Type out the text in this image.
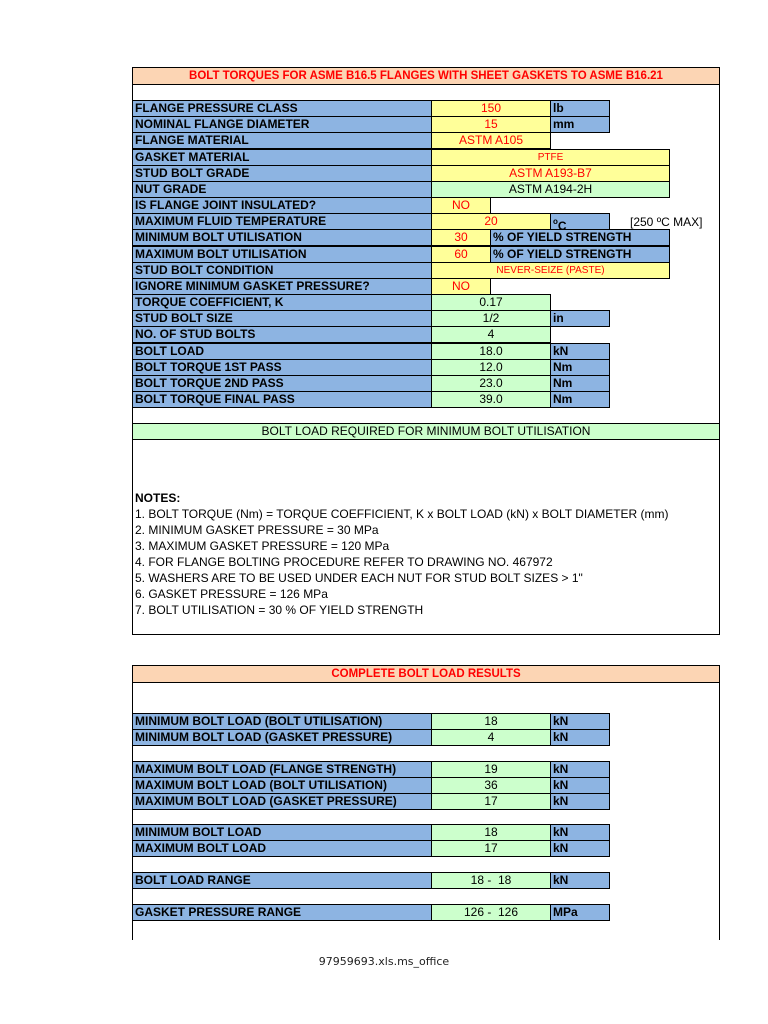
BOLT TORQUES FOR ASME B16.5 FLANGES WITH SHEET GASKETS TO ASME B16.21
FLANGE PRESSURE CLASS	150	lb
NOMINAL FLANGE DIAMETER	15	mm
FLANGE MATERIAL	ASTM A105
GASKET MATERIAL	PTFE
STUD BOLT GRADE	ASTM A193-B7
NUT GRADE	ASTM A194-2H
IS FLANGE JOINT INSULATED?	NO
MAXIMUM FLUID TEMPERATURE	20	$^o$C	[250 ºC MAX]
MINIMUM BOLT UTILISATION	30	% OF YIELD STRENGTH
MAXIMUM BOLT UTILISATION	60	% OF YIELD STRENGTH
STUD BOLT CONDITION	NEVER-SEIZE (PASTE)
IGNORE MINIMUM GASKET PRESSURE?	NO
TORQUE COEFFICIENT, K	0.17
STUD BOLT SIZE	1/2	in
NO. OF STUD BOLTS	4
BOLT LOAD	18.0	kN
BOLT TORQUE 1ST PASS	12.0	Nm
BOLT TORQUE 2ND PASS	23.0	Nm
BOLT TORQUE FINAL PASS	39.0	Nm
BOLT LOAD REQUIRED FOR MINIMUM BOLT UTILISATION
NOTES:
1. BOLT TORQUE (Nm) = TORQUE COEFFICIENT, K x BOLT LOAD (kN) x BOLT DIAMETER (mm)
2. MINIMUM GASKET PRESSURE = 30 MPa
3. MAXIMUM GASKET PRESSURE = 120 MPa
4. FOR FLANGE BOLTING PROCEDURE REFER TO DRAWING NO. 467972
5. WASHERS ARE TO BE USED UNDER EACH NUT FOR STUD BOLT SIZES > 1"
6. GASKET PRESSURE = 126 MPa
7. BOLT UTILISATION = 30 % OF YIELD STRENGTH
COMPLETE BOLT LOAD RESULTS
MINIMUM BOLT LOAD (BOLT UTILISATION)	18	kN
MINIMUM BOLT LOAD (GASKET PRESSURE)	4	kN
MAXIMUM BOLT LOAD (FLANGE STRENGTH)	19	kN
MAXIMUM BOLT LOAD (BOLT UTILISATION)	36	kN
MAXIMUM BOLT LOAD (GASKET PRESSURE)	17	kN
MINIMUM BOLT LOAD	18	kN
MAXIMUM BOLT LOAD	17	kN
BOLT LOAD RANGE	18 -  18	kN
GASKET PRESSURE RANGE	126 -  126	MPa
97959693.xls.ms_office
